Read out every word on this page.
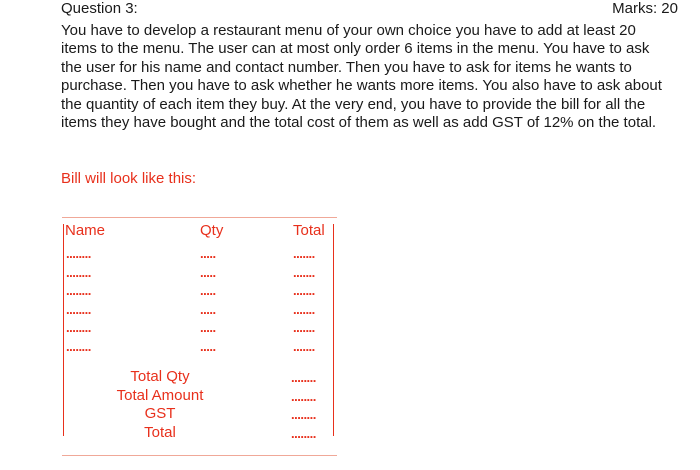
Question 3:	Marks: 20
You have to develop a restaurant menu of your own choice you have to add at least 20 items to the menu. The user can at most only order 6 items in the menu. You have to ask the user for his name and contact number. Then you have to ask for items he wants to purchase. Then you have to ask whether he wants more items. You also have to ask about the quantity of each item they buy. At the very end, you have to provide the bill for all the items they have bought and the total cost of them as well as add GST of 12% on the total.
Bill will look like this:
Name	Qty	Total
........	.....	.......
........	.....	.......
........	.....	.......
........	.....	.......
........	.....	.......
........	.....	.......
Total Qty	........
Total Amount	........
GST	........
Total	........
